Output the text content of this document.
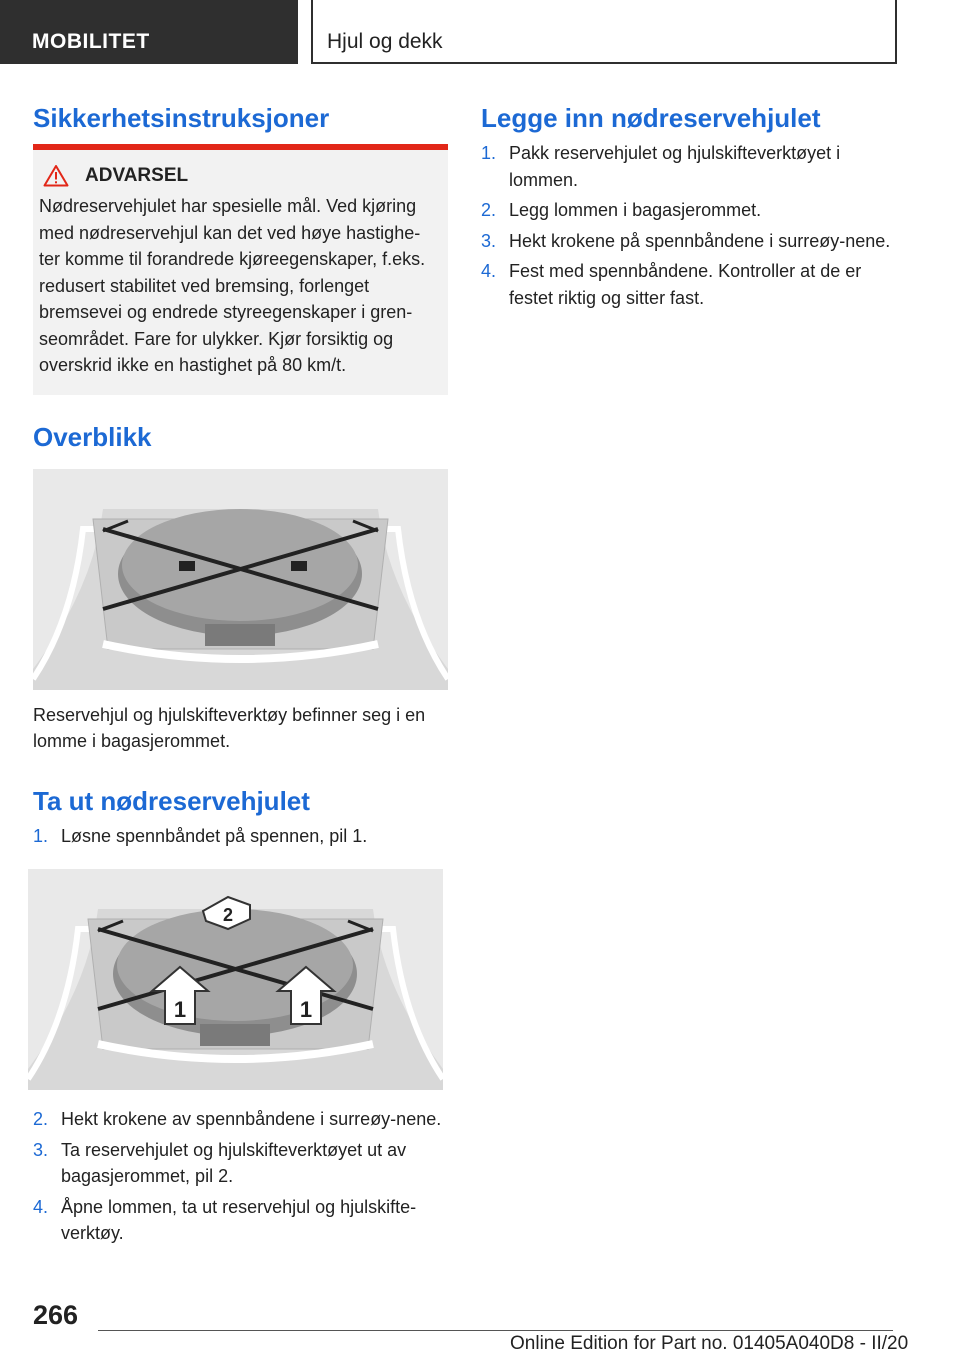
MOBILITET	Hjul og dekk
Sikkerhetsinstruksjoner
ADVARSEL
Nødreservehjulet har spesielle mål. Ved kjøring med nødreservehjul kan det ved høye hastighe-ter komme til forandrede kjøreegenskaper, f.eks. redusert stabilitet ved bremsing, forlenget bremsevei og endrede styreegenskaper i gren-seområdet. Fare for ulykker. Kjør forsiktig og overskrid ikke en hastighet på 80 km/t.
Overblikk
Reservehjul og hjulskifteverktøy befinner seg i en lomme i bagasjerommet.
Ta ut nødreservehjulet
1. Løsne spennbåndet på spennen, pil 1.
1	1
2
2. Hekt krokene av spennbåndene i surreøy-nene.
3. Ta reservehjulet og hjulskifteverktøyet ut av bagasjerommet, pil 2.
4. Åpne lommen, ta ut reservehjul og hjulskifte-verktøy.
Legge inn nødreservehjulet
1. Pakk reservehjulet og hjulskifteverktøyet i lommen.
2. Legg lommen i bagasjerommet.
3. Hekt krokene på spennbåndene i surreøy-nene.
4. Fest med spennbåndene. Kontroller at de er festet riktig og sitter fast.
266
Online Edition for Part no. 01405A040D8 - II/20
